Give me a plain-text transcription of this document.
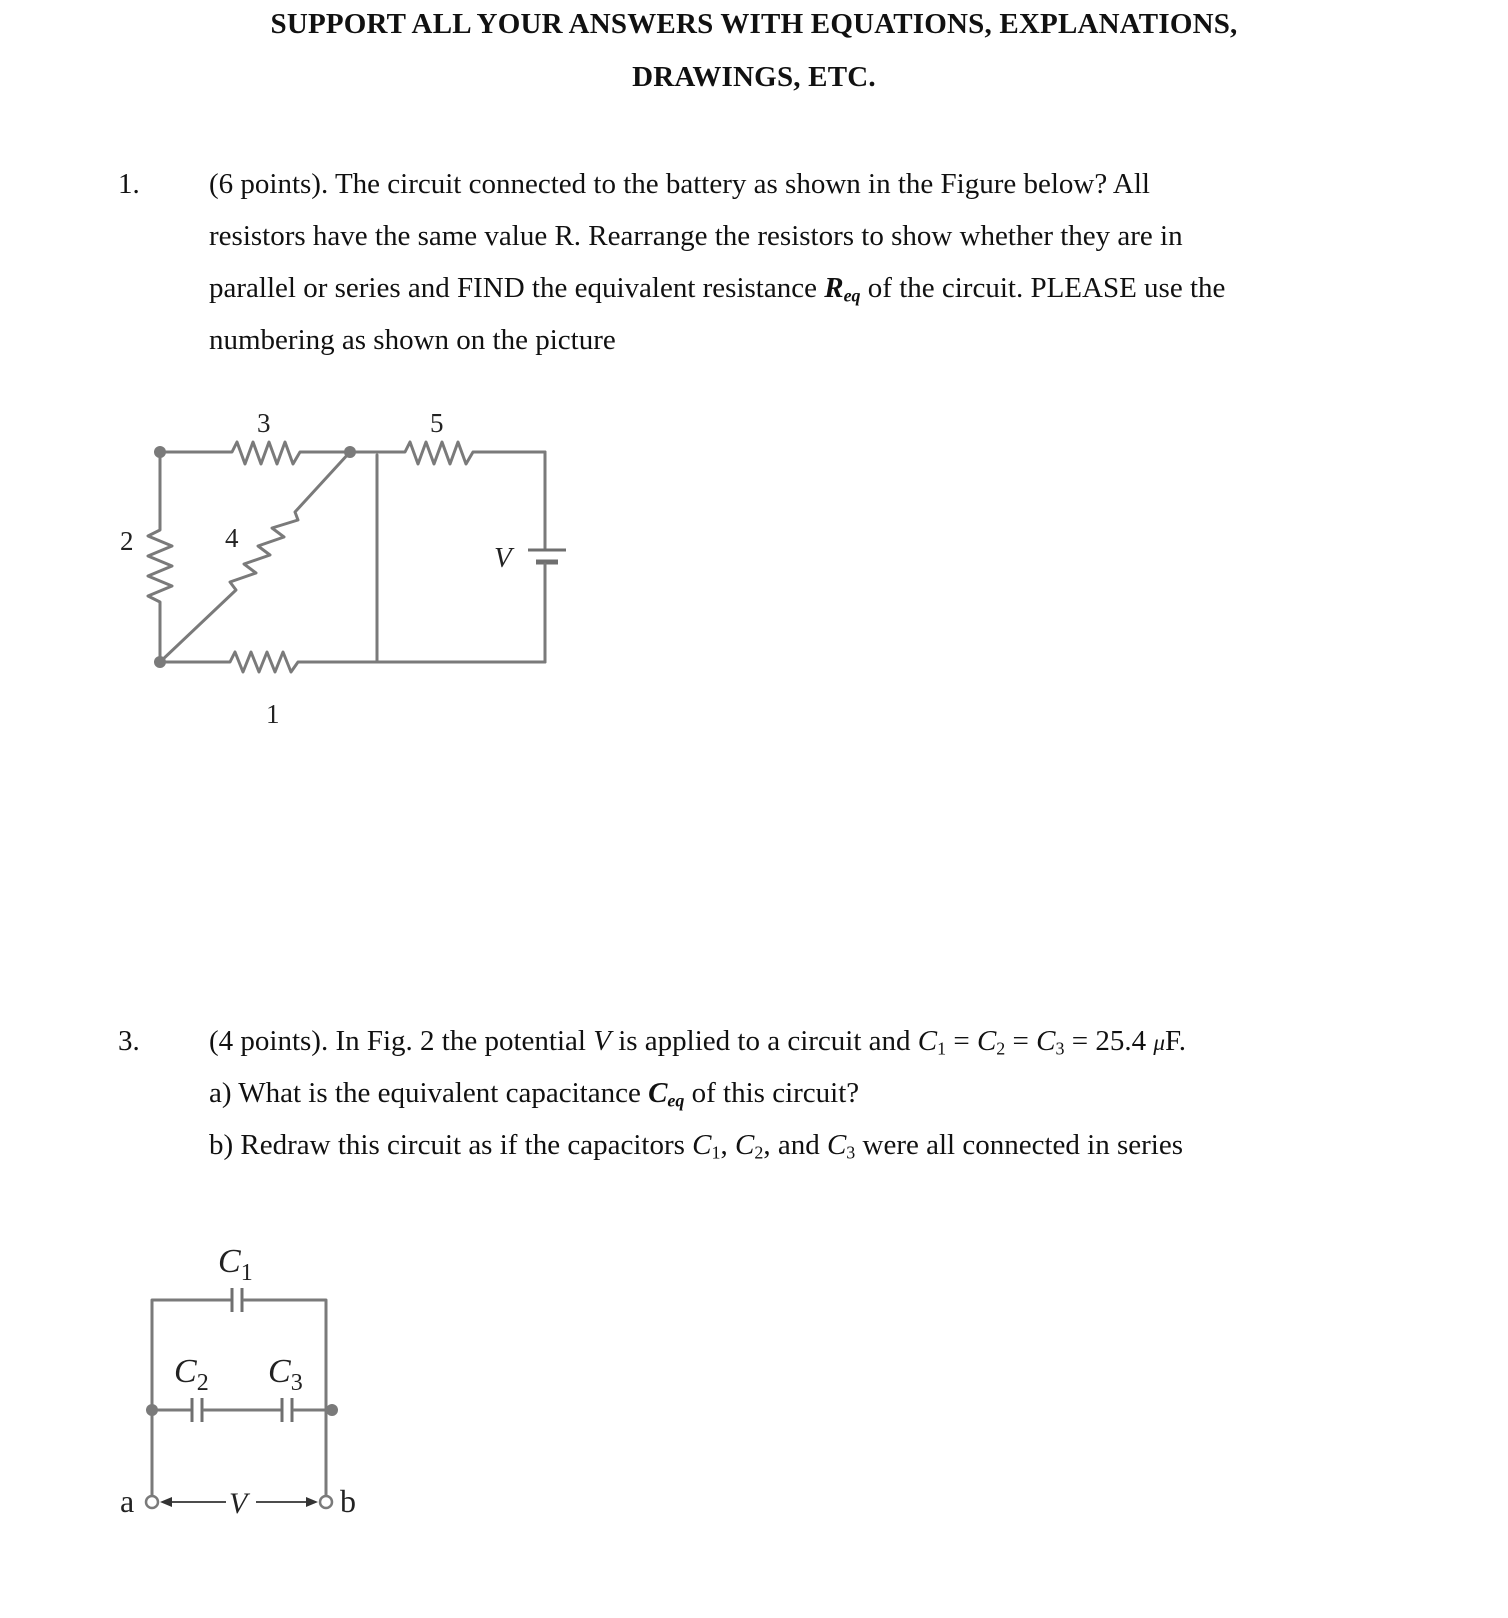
SUPPORT ALL YOUR ANSWERS WITH EQUATIONS, EXPLANATIONS,
DRAWINGS, ETC.
1. (6 points). The circuit connected to the battery as shown in the Figure below? All
resistors have the same value R. Rearrange the resistors to show whether they are in
parallel or series and FIND the equivalent resistance $R_{eq}$ of the circuit. PLEASE use the
numbering as shown on the picture
3	5
2	4
V
1
3. (4 points). In Fig. 2 the potential V is applied to a circuit and $C_1 = C_2 = C_3 = 25.4$ μF.
a) What is the equivalent capacitance $C_{eq}$ of this circuit?
b) Redraw this circuit as if the capacitors $C_1$, $C_2$, and $C_3$ were all connected in series
$C_1$
$C_2$ $C_3$
a	b
V
